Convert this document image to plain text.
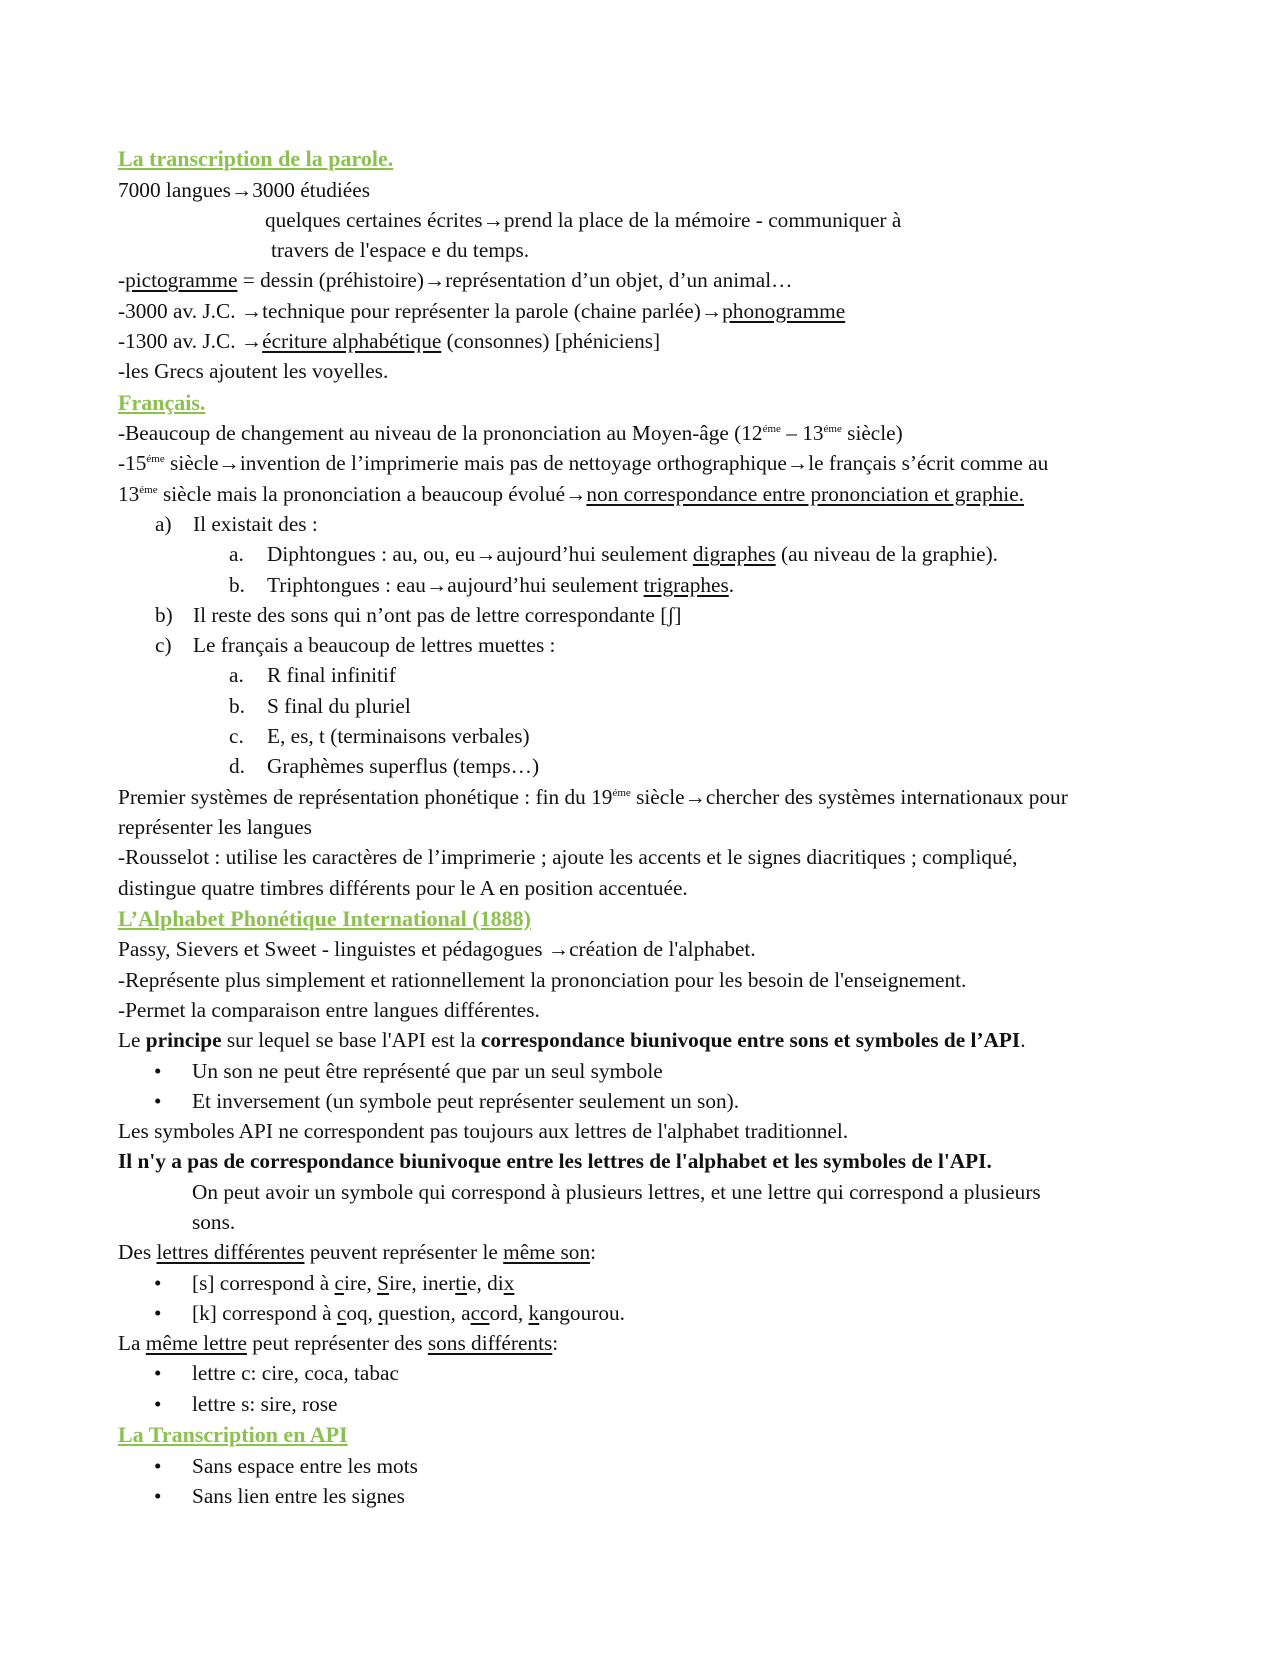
La transcription de la parole.

7000 langues→3000 étudiées

quelques certaines écrites→prend la place de la mémoire - communiquer à

travers de l'espace e du temps.

-pictogramme = dessin (préhistoire)→représentation d’un objet, d’un animal…

-3000 av. J.C. →technique pour représenter la parole (chaine parlée)→phonogramme

-1300 av. J.C. →écriture alphabétique (consonnes) [phéniciens]

-les Grecs ajoutent les voyelles.

Français.

-Beaucoup de changement au niveau de la prononciation au Moyen-âge ($12^{éme} - 13^{éme}$ siècle)

$-15^{éme}$ siècle→invention de l’imprimerie mais pas de nettoyage orthographique→le français s’écrit comme au

$13^{éme}$ siècle mais la prononciation a beaucoup évolué→non correspondance entre prononciation et graphie.

a) Il existait des :

a. Diphtongues : au, ou, eu→aujourd’hui seulement digraphes (au niveau de la graphie).

b. Triphtongues : eau→aujourd’hui seulement trigraphes.

b) Il reste des sons qui n’ont pas de lettre correspondante [ʃ]

c) Le français a beaucoup de lettres muettes :

a. R final infinitif

b. S final du pluriel

c. E, es, t (terminaisons verbales)

d. Graphèmes superflus (temps…)

Premier systèmes de représentation phonétique : fin du $19^{éme}$ siècle→chercher des systèmes internationaux pour

représenter les langues

-Rousselot : utilise les caractères de l’imprimerie ; ajoute les accents et le signes diacritiques ; compliqué,

distingue quatre timbres différents pour le A en position accentuée.

L’Alphabet Phonétique International (1888)

Passy, Sievers et Sweet - linguistes et pédagogues →création de l'alphabet.

-Représente plus simplement et rationnellement la prononciation pour les besoin de l'enseignement.

-Permet la comparaison entre langues différentes.

Le principe sur lequel se base l'API est la correspondance biunivoque entre sons et symboles de l’API.

• Un son ne peut être représenté que par un seul symbole

• Et inversement (un symbole peut représenter seulement un son).

Les symboles API ne correspondent pas toujours aux lettres de l'alphabet traditionnel.

Il n'y a pas de correspondance biunivoque entre les lettres de l'alphabet et les symboles de l'API.

On peut avoir un symbole qui correspond à plusieurs lettres, et une lettre qui correspond a plusieurs

sons.

Des lettres différentes peuvent représenter le même son:

• [s] correspond à cire, Sire, inertie, dix

• [k] correspond à coq, question, accord, kangourou.

La même lettre peut représenter des sons différents:

• lettre c: cire, coca, tabac

• lettre s: sire, rose

La Transcription en API

• Sans espace entre les mots

• Sans lien entre les signes
